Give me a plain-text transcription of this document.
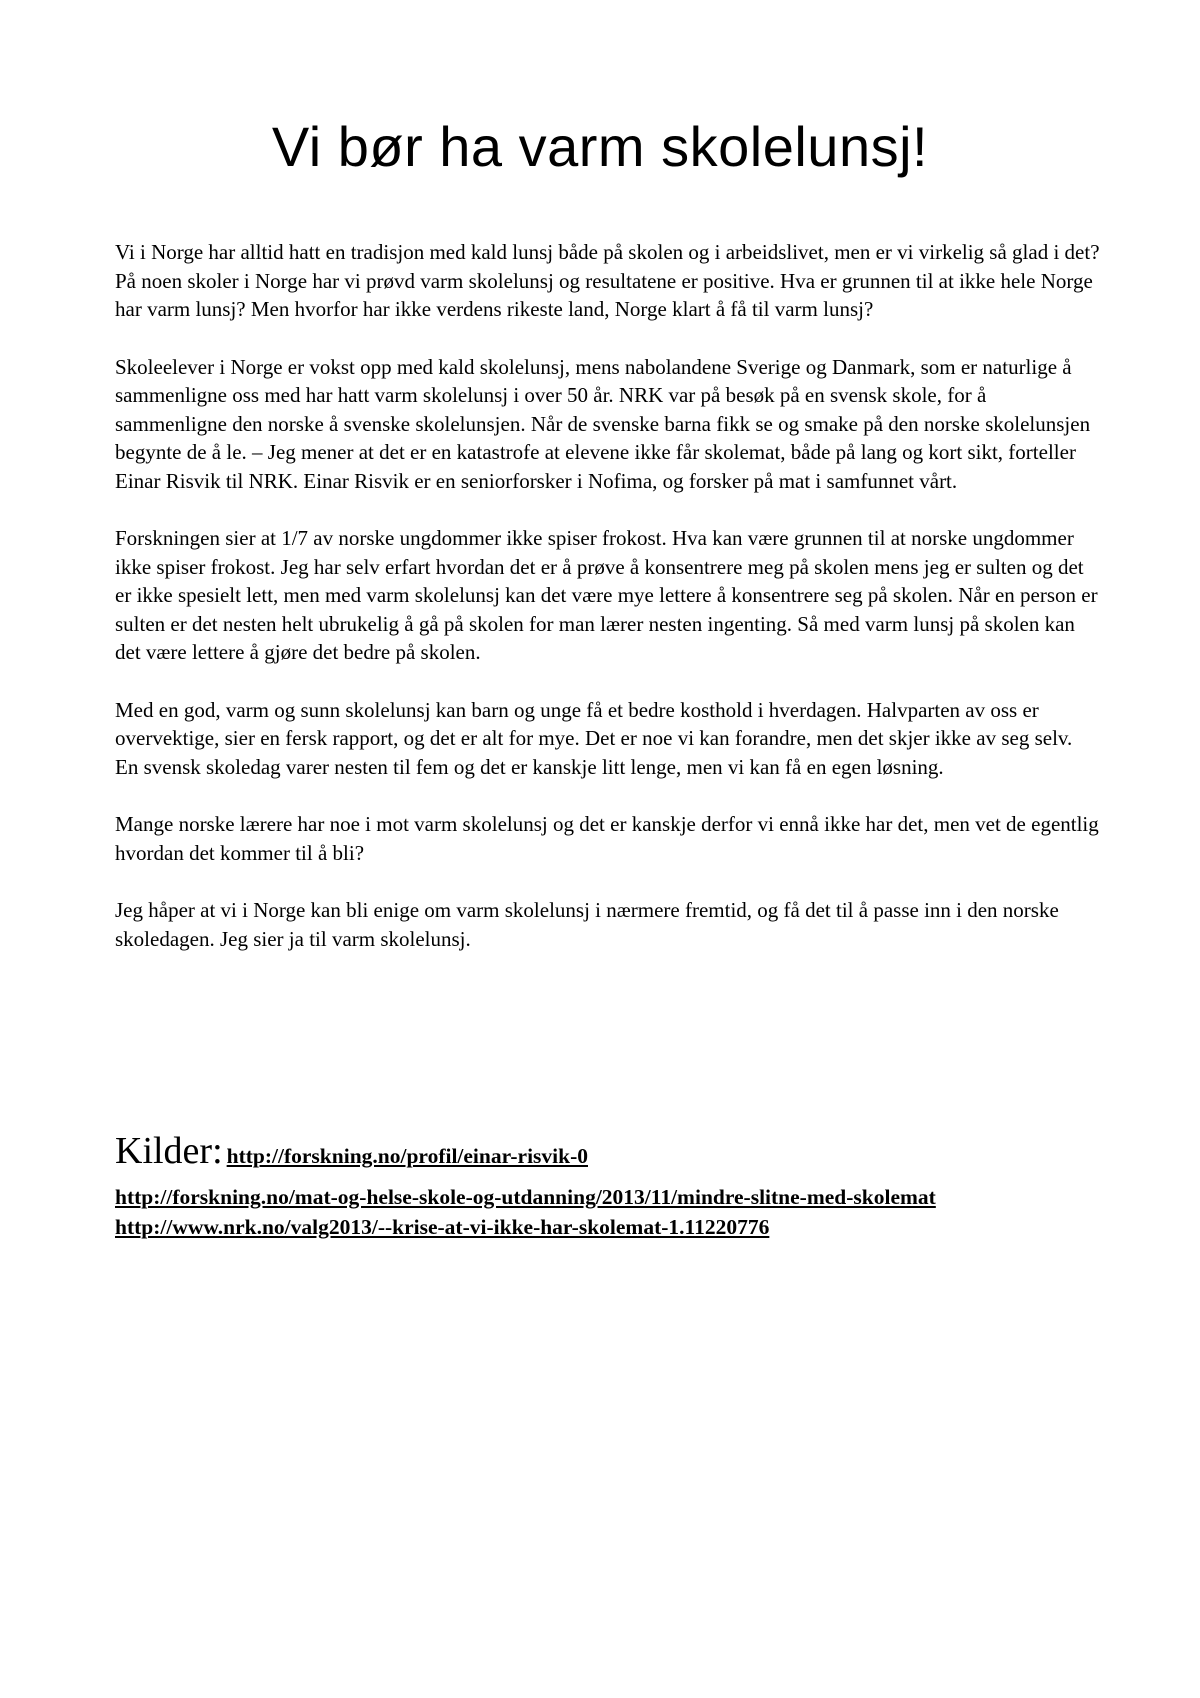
Vi bør ha varm skolelunsj!

Vi i Norge har alltid hatt en tradisjon med kald lunsj både på skolen og i arbeidslivet, men er vi virkelig så glad i det? På noen skoler i Norge har vi prøvd varm skolelunsj og resultatene er positive. Hva er grunnen til at ikke hele Norge har varm lunsj? Men hvorfor har ikke verdens rikeste land, Norge klart å få til varm lunsj?

Skoleelever i Norge er vokst opp med kald skolelunsj, mens nabolandene Sverige og Danmark, som er naturlige å sammenligne oss med har hatt varm skolelunsj i over 50 år. NRK var på besøk på en svensk skole, for å sammenligne den norske å svenske skolelunsjen. Når de svenske barna fikk se og smake på den norske skolelunsjen begynte de å le. – Jeg mener at det er en katastrofe at elevene ikke får skolemat, både på lang og kort sikt, forteller Einar Risvik til NRK. Einar Risvik er en seniorforsker i Nofima, og forsker på mat i samfunnet vårt.

Forskningen sier at 1/7 av norske ungdommer ikke spiser frokost. Hva kan være grunnen til at norske ungdommer ikke spiser frokost. Jeg har selv erfart hvordan det er å prøve å konsentrere meg på skolen mens jeg er sulten og det er ikke spesielt lett, men med varm skolelunsj kan det være mye lettere å konsentrere seg på skolen. Når en person er sulten er det nesten helt ubrukelig å gå på skolen for man lærer nesten ingenting. Så med varm lunsj på skolen kan det være lettere å gjøre det bedre på skolen.

Med en god, varm og sunn skolelunsj kan barn og unge få et bedre kosthold i hverdagen. Halvparten av oss er overvektige, sier en fersk rapport, og det er alt for mye. Det er noe vi kan forandre, men det skjer ikke av seg selv. En svensk skoledag varer nesten til fem og det er kanskje litt lenge, men vi kan få en egen løsning.

Mange norske lærere har noe i mot varm skolelunsj og det er kanskje derfor vi ennå ikke har det, men vet de egentlig hvordan det kommer til å bli?

Jeg håper at vi i Norge kan bli enige om varm skolelunsj i nærmere fremtid, og få det til å passe inn i den norske skoledagen. Jeg sier ja til varm skolelunsj.

Kilder: http://forskning.no/profil/einar-risvik-0
http://forskning.no/mat-og-helse-skole-og-utdanning/2013/11/mindre-slitne-med-skolemat
http://www.nrk.no/valg2013/--krise-at-vi-ikke-har-skolemat-1.11220776
